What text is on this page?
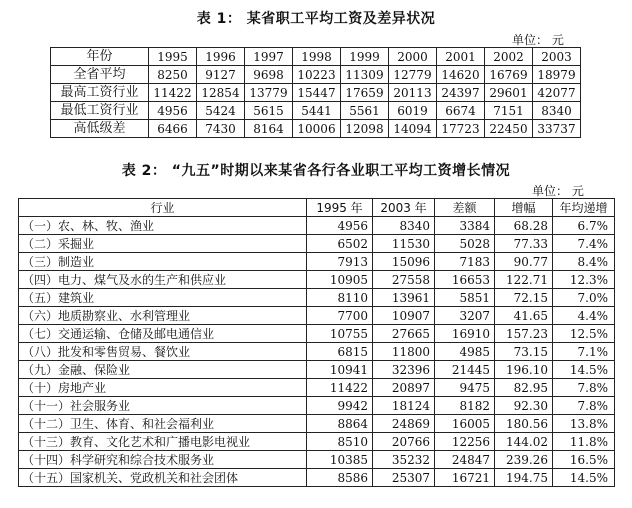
表 1： 某省职工平均工资及差异状况
单位： 元
年份	1995	1996	1997	1998	1999	2000	2001	2002	2003
全省平均	8250	9127	9698	10223	11309	12779	14620	16769	18979
最高工资行业	11422	12854	13779	15447	17659	20113	24397	29601	42077
最低工资行业	4956	5424	5615	5441	5561	6019	6674	7151	8340
高低级差	6466	7430	8164	10006	12098	14094	17723	22450	33737
表 2： “九五”时期以来某省各行各业职工平均工资增长情况
单位： 元
行业	1995 年	2003 年	差额	增幅	年均递增
（一）农、林、牧、渔业	4956	8340	3384	68.28	6.7%
（二）采掘业	6502	11530	5028	77.33	7.4%
（三）制造业	7913	15096	7183	90.77	8.4%
（四）电力、煤气及水的生产和供应业	10905	27558	16653	122.71	12.3%
（五）建筑业	8110	13961	5851	72.15	7.0%
（六）地质勘察业、水利管理业	7700	10907	3207	41.65	4.4%
（七）交通运输、仓储及邮电通信业	10755	27665	16910	157.23	12.5%
（八）批发和零售贸易、餐饮业	6815	11800	4985	73.15	7.1%
（九）金融、保险业	10941	32396	21445	196.10	14.5%
（十）房地产业	11422	20897	9475	82.95	7.8%
（十一）社会服务业	9942	18124	8182	92.30	7.8%
（十二）卫生、体育、和社会福利业	8864	24869	16005	180.56	13.8%
（十三）教育、文化艺术和广播电影电视业	8510	20766	12256	144.02	11.8%
（十四）科学研究和综合技术服务业	10385	35232	24847	239.26	16.5%
（十五）国家机关、党政机关和社会团体	8586	25307	16721	194.75	14.5%
